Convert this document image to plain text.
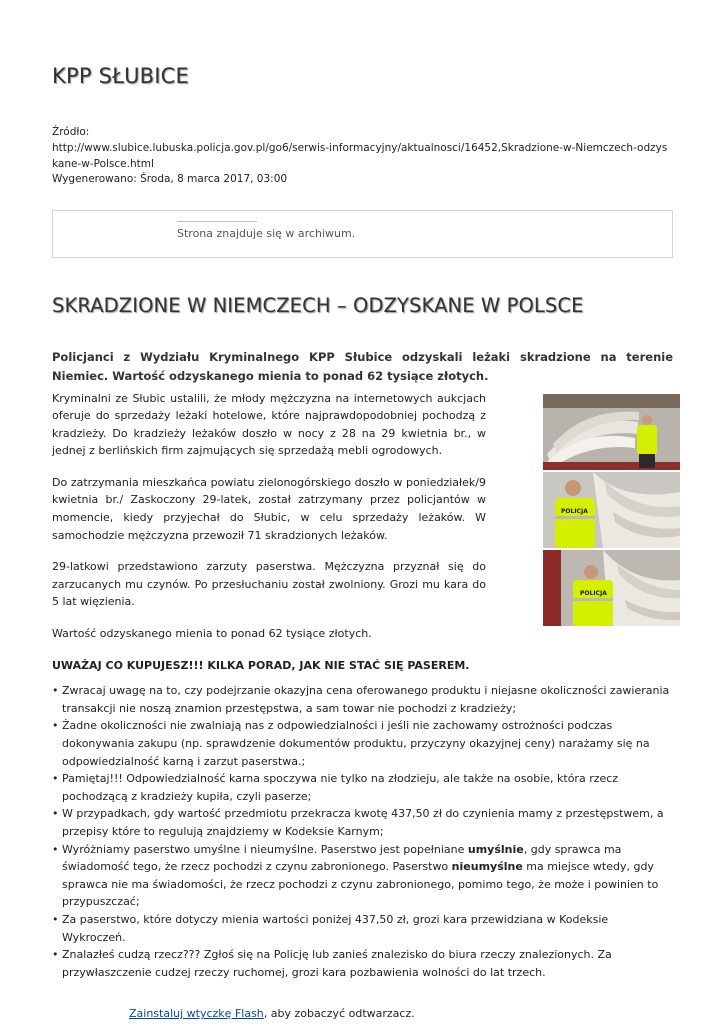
KPP SŁUBICE
Źródło:
http://www.slubice.lubuska.policja.gov.pl/go6/serwis-informacyjny/aktualnosci/16452,Skradzione-w-Niemczech-odzyskane-w-Polsce.html
Wygenerowano: Środa, 8 marca 2017, 03:00
Strona znajduje się w archiwum.
SKRADZIONE W NIEMCZECH – ODZYSKANE W POLSCE
Policjanci z Wydziału Kryminalnego KPP Słubice odzyskali leżaki skradzione na terenie Niemiec. Wartość odzyskanego mienia to ponad 62 tysiące złotych.
POLICJA
POLICJA

Kryminalni ze Słubic ustalili, że młody mężczyzna na internetowych aukcjach oferuje do sprzedaży leżaki hotelowe, które najprawdopodobniej pochodzą z kradzieży. Do kradzieży leżaków doszło w nocy z 28 na 29 kwietnia br., w jednej z berlińskich firm zajmujących się sprzedażą mebli ogrodowych.

Do zatrzymania mieszkańca powiatu zielonogórskiego doszło w poniedziałek/9 kwietnia br./ Zaskoczony 29-latek, został zatrzymany przez policjantów w momencie, kiedy przyjechał do Słubic, w celu sprzedaży leżaków. W samochodzie mężczyzna przewoził 71 skradzionych leżaków.

29-latkowi przedstawiono zarzuty paserstwa. Mężczyzna przyznał się do zarzucanych mu czynów. Po przesłuchaniu został zwolniony. Grozi mu kara do 5 lat więzienia.

Wartość odzyskanego mienia to ponad 62 tysiące złotych.

UWAŻAJ CO KUPUJESZ!!! KILKA PORAD, JAK NIE STAĆ SIĘ PASEREM.
• Zwracaj uwagę na to, czy podejrzanie okazyjna cena oferowanego produktu i niejasne okoliczności zawierania transakcji nie noszą znamion przestępstwa, a sam towar nie pochodzi z kradzieży;
• Żadne okoliczności nie zwalniają nas z odpowiedzialności i jeśli nie zachowamy ostrożności podczas dokonywania zakupu (np. sprawdzenie dokumentów produktu, przyczyny okazyjnej ceny) narażamy się na odpowiedzialność karną i zarzut paserstwa.;
• Pamiętaj!!! Odpowiedzialność karna spoczywa nie tylko na złodzieju, ale także na osobie, która rzecz pochodzącą z kradzieży kupiła, czyli paserze;
• W przypadkach, gdy wartość przedmiotu przekracza kwotę 437,50 zł do czynienia mamy z przestępstwem, a przepisy które to regulują znajdziemy w Kodeksie Karnym;
• Wyróżniamy paserstwo umyślne i nieumyślne. Paserstwo jest popełniane umyślnie, gdy sprawca ma świadomość tego, że rzecz pochodzi z czynu zabronionego. Paserstwo nieumyślne ma miejsce wtedy, gdy sprawca nie ma świadomości, że rzecz pochodzi z czynu zabronionego, pomimo tego, że może i powinien to przypuszczać;
• Za paserstwo, które dotyczy mienia wartości poniżej 437,50 zł, grozi kara przewidziana w Kodeksie Wykroczeń.
• Znalazłeś cudzą rzecz??? Zgłoś się na Policję lub zanieś znalezisko do biura rzeczy znalezionych. Za przywłaszczenie cudzej rzeczy ruchomej, grozi kara pozbawienia wolności do lat trzech.
Zainstaluj wtyczkę Flash, aby zobaczyć odtwarzacz.
